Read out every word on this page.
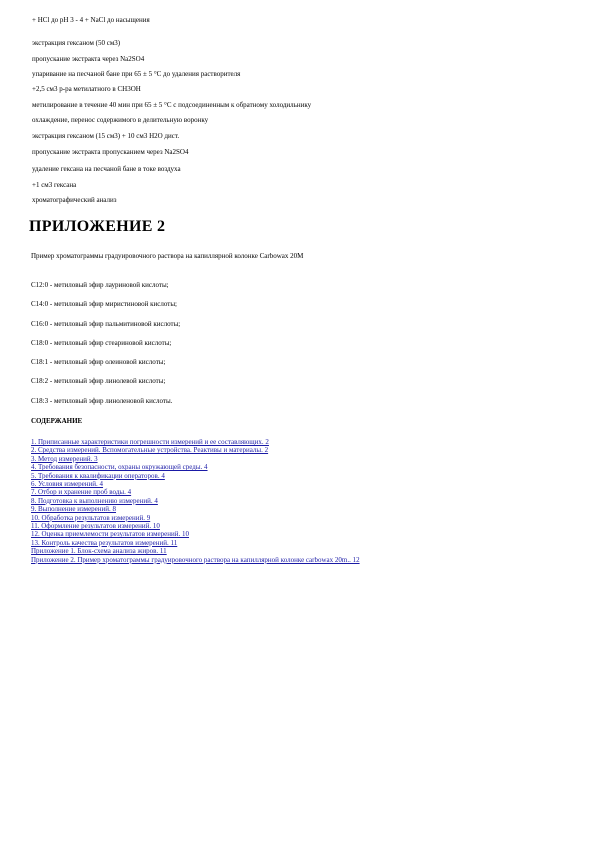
+ HCl до pH 3 - 4 + NaCl до насыщения
экстракция гексаном (50 см3)
пропускание экстракта через Na2SO4
упаривание на песчаной бане при 65 ± 5 °С до удаления растворителя
+2,5 см3 р-ра метилатного в CH3OH
метилирование в течение 40 мин при 65 ± 5 °С с подсоединенным к обратному холодильнику
охлаждение, перенос содержимого в делительную воронку
экстракция гексаном (15 см3) + 10 см3 H2O дист.
пропускание экстракта пропусканием через Na2SO4
удаление гексана на песчаной бане в токе воздуха
+1 см3 гексана
хроматографический анализ
ПРИЛОЖЕНИЕ 2
Пример хроматограммы градуировочного раствора на капиллярной колонке Carbowax 20M
С12:0 - метиловый эфир лауриновой кислоты;
С14:0 - метиловый эфир миристиновой кислоты;
С16:0 - метиловый эфир пальмитиновой кислоты;
С18:0 - метиловый эфир стеариновой кислоты;
С18:1 - метиловый эфир олеиновой кислоты;
С18:2 - метиловый эфир линолевой кислоты;
С18:3 - метиловый эфир линоленовой кислоты.
СОДЕРЖАНИЕ
1. Приписанные характеристики погрешности измерений и ее составляющих. 2
2. Средства измерений. Вспомогательные устройства. Реактивы и материалы. 2
3. Метод измерений. 3
4. Требования безопасности, охраны окружающей среды. 4
5. Требования к квалификации операторов. 4
6. Условия измерений. 4
7. Отбор и хранение проб воды. 4
8. Подготовка к выполнению измерений. 4
9. Выполнение измерений. 8
10. Обработка результатов измерений. 9
11. Оформление результатов измерений. 10
12. Оценка приемлемости результатов измерений. 10
13. Контроль качества результатов измерений. 11
Приложение 1. Блок-схема анализа жиров. 11
Приложение 2. Пример хроматограммы градуировочного раствора на капиллярной колонке carbowax 20m.. 12
